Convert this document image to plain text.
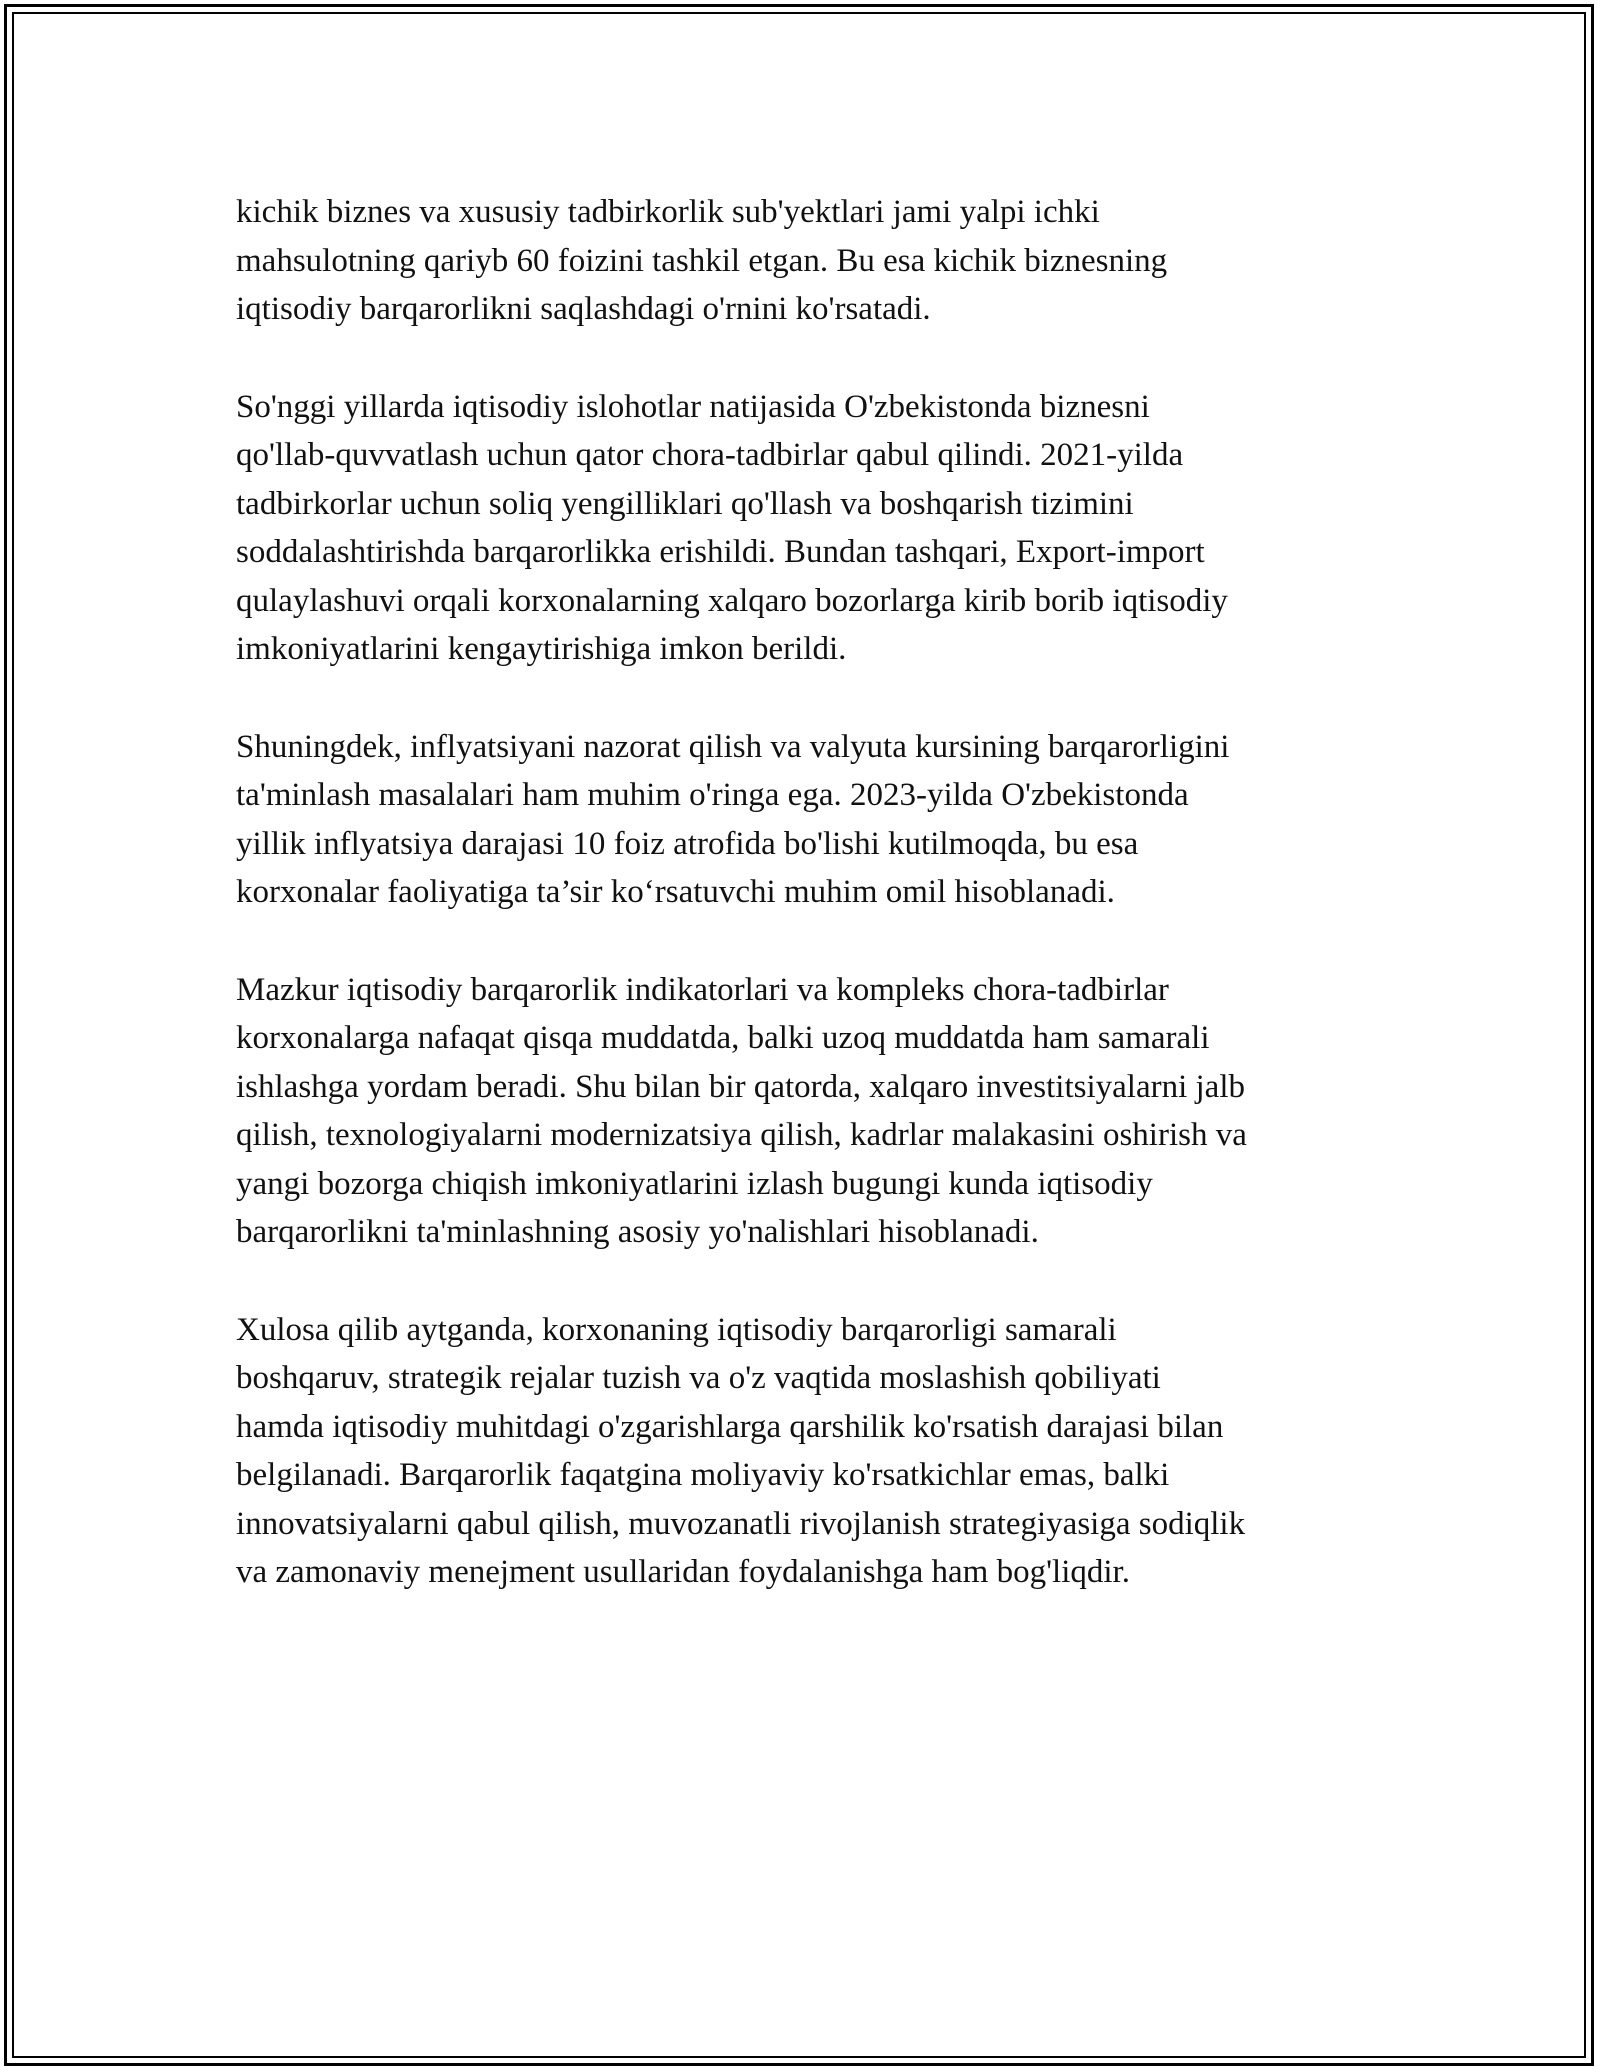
kichik biznes va xususiy tadbirkorlik sub'yektlari jami yalpi ichki
mahsulotning qariyb 60 foizini tashkil etgan. Bu esa kichik biznesning
iqtisodiy barqarorlikni saqlashdagi o'rnini ko'rsatadi.

So'nggi yillarda iqtisodiy islohotlar natijasida O'zbekistonda biznesni
qo'llab-quvvatlash uchun qator chora-tadbirlar qabul qilindi. 2021-yilda
tadbirkorlar uchun soliq yengilliklari qo'llash va boshqarish tizimini
soddalashtirishda barqarorlikka erishildi. Bundan tashqari, Export-import
qulaylashuvi orqali korxonalarning xalqaro bozorlarga kirib borib iqtisodiy
imkoniyatlarini kengaytirishiga imkon berildi.

Shuningdek, inflyatsiyani nazorat qilish va valyuta kursining barqarorligini
ta'minlash masalalari ham muhim o'ringa ega. 2023-yilda O'zbekistonda
yillik inflyatsiya darajasi 10 foiz atrofida bo'lishi kutilmoqda, bu esa
korxonalar faoliyatiga ta’sir ko‘rsatuvchi muhim omil hisoblanadi.

Mazkur iqtisodiy barqarorlik indikatorlari va kompleks chora-tadbirlar
korxonalarga nafaqat qisqa muddatda, balki uzoq muddatda ham samarali
ishlashga yordam beradi. Shu bilan bir qatorda, xalqaro investitsiyalarni jalb
qilish, texnologiyalarni modernizatsiya qilish, kadrlar malakasini oshirish va
yangi bozorga chiqish imkoniyatlarini izlash bugungi kunda iqtisodiy
barqarorlikni ta'minlashning asosiy yo'nalishlari hisoblanadi.

Xulosa qilib aytganda, korxonaning iqtisodiy barqarorligi samarali
boshqaruv, strategik rejalar tuzish va o'z vaqtida moslashish qobiliyati
hamda iqtisodiy muhitdagi o'zgarishlarga qarshilik ko'rsatish darajasi bilan
belgilanadi. Barqarorlik faqatgina moliyaviy ko'rsatkichlar emas, balki
innovatsiyalarni qabul qilish, muvozanatli rivojlanish strategiyasiga sodiqlik
va zamonaviy menejment usullaridan foydalanishga ham bog'liqdir.
